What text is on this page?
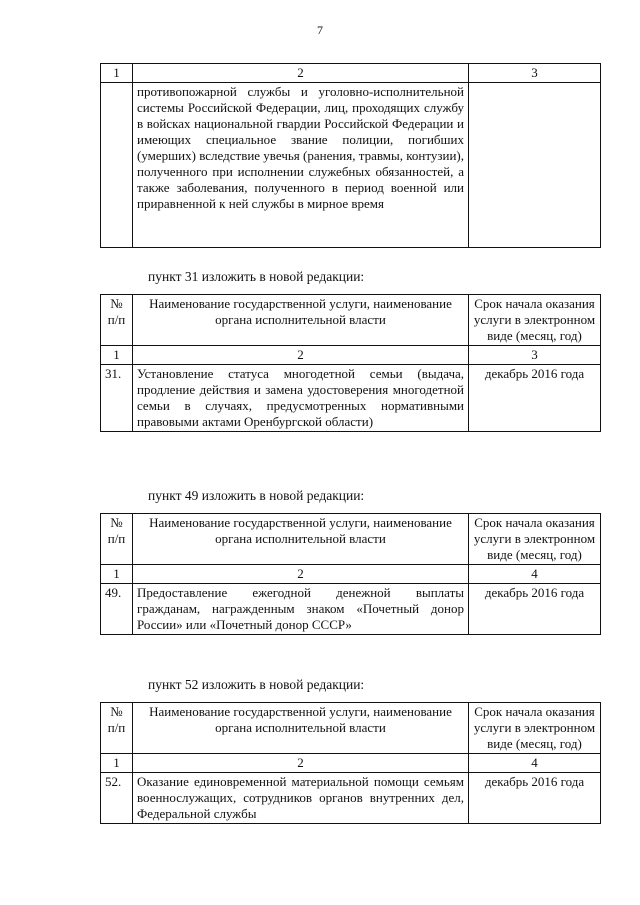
7
1	2	3
	противопожарной службы и уголовно-исполнительной системы Российской Федерации, лиц, проходящих службу в войсках национальной гвардии Российской Федерации и имеющих специальное звание полиции, погибших (умерших) вследствие увечья (ранения, травмы, контузии), полученного при исполнении служебных обязанностей, а также заболевания, полученного в период военной или приравненной к ней службы в мирное время	
пункт 31 изложить в новой редакции:
№ п/п	Наименование государственной услуги, наименование органа исполнительной власти	Срок начала оказания услуги в электронном виде (месяц, год)
1	2	3
31.	Установление статуса многодетной семьи (выдача, продление действия и замена удостоверения многодетной семьи в случаях, предусмотренных нормативными правовыми актами Оренбургской области)	декабрь 2016 года
пункт 49 изложить в новой редакции:
№ п/п	Наименование государственной услуги, наименование органа исполнительной власти	Срок начала оказания услуги в электронном виде (месяц, год)
1	2	4
49.	Предоставление ежегодной денежной выплаты гражданам, награжденным знаком «Почетный донор России» или «Почетный донор СССР»	декабрь 2016 года
пункт 52 изложить в новой редакции:
№ п/п	Наименование государственной услуги, наименование органа исполнительной власти	Срок начала оказания услуги в электронном виде (месяц, год)
1	2	4
52.	Оказание единовременной материальной помощи семьям военнослужащих, сотрудников органов внутренних дел, Федеральной службы	декабрь 2016 года
